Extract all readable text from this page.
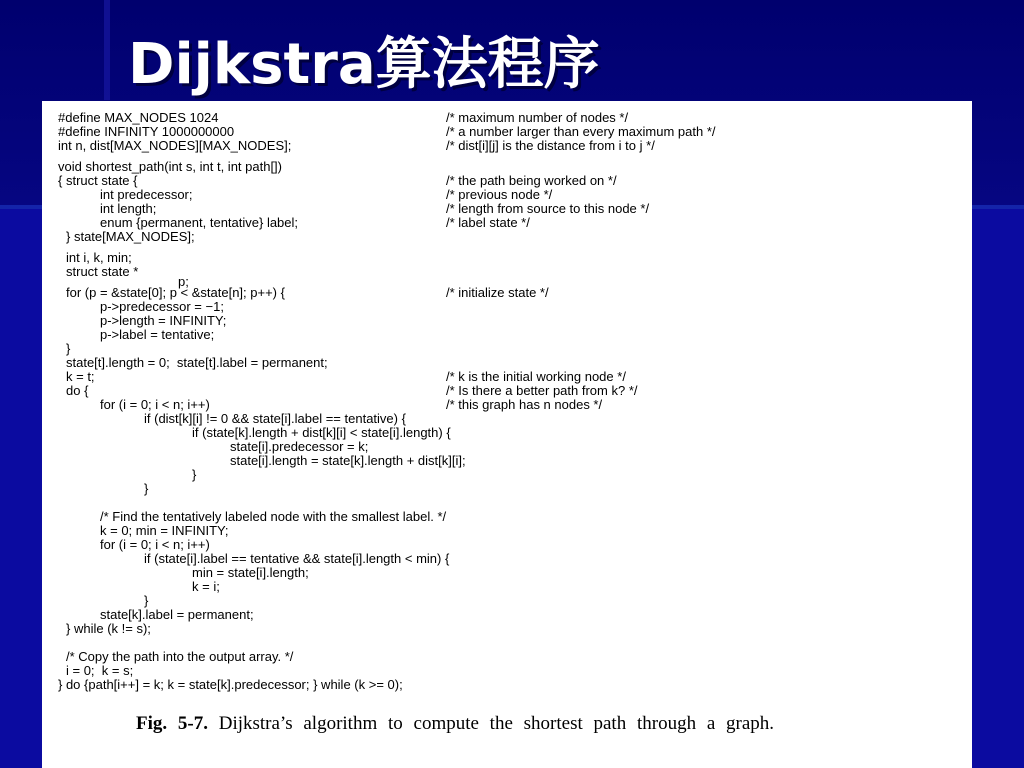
Dijkstra算法程序
#define MAX_NODES 1024
#define INFINITY 1000000000
int n, dist[MAX_NODES][MAX_NODES];
void shortest_path(int s, int t, int path[])
{ struct state {
int predecessor;
int length;
enum {permanent, tentative} label;
} state[MAX_NODES];
int i, k, min;
struct state *
p;
for (p = &state[0]; p < &state[n]; p++) {
p->predecessor = −1;
p->length = INFINITY;
p->label = tentative;
}
state[t].length = 0;  state[t].label = permanent;
k = t;
do {
for (i = 0; i < n; i++)
if (dist[k][i] != 0 && state[i].label == tentative) {
if (state[k].length + dist[k][i] < state[i].length) {
state[i].predecessor = k;
state[i].length = state[k].length + dist[k][i];
}
}
/* Find the tentatively labeled node with the smallest label. */
k = 0; min = INFINITY;
for (i = 0; i < n; i++)
if (state[i].label == tentative && state[i].length < min) {
min = state[i].length;
k = i;
}
state[k].label = permanent;
} while (k != s);
/* Copy the path into the output array. */
i = 0;  k = s;
} do {path[i++] = k; k = state[k].predecessor; } while (k >= 0);
/* maximum number of nodes */
/* a number larger than every maximum path */
/* dist[i][j] is the distance from i to j */
/* the path being worked on */
/* previous node */
/* length from source to this node */
/* label state */
/* initialize state */
/* k is the initial working node */
/* Is there a better path from k? */
/* this graph has n nodes */
Fig. 5-7. Dijkstra’s algorithm to compute the shortest path through a graph.
